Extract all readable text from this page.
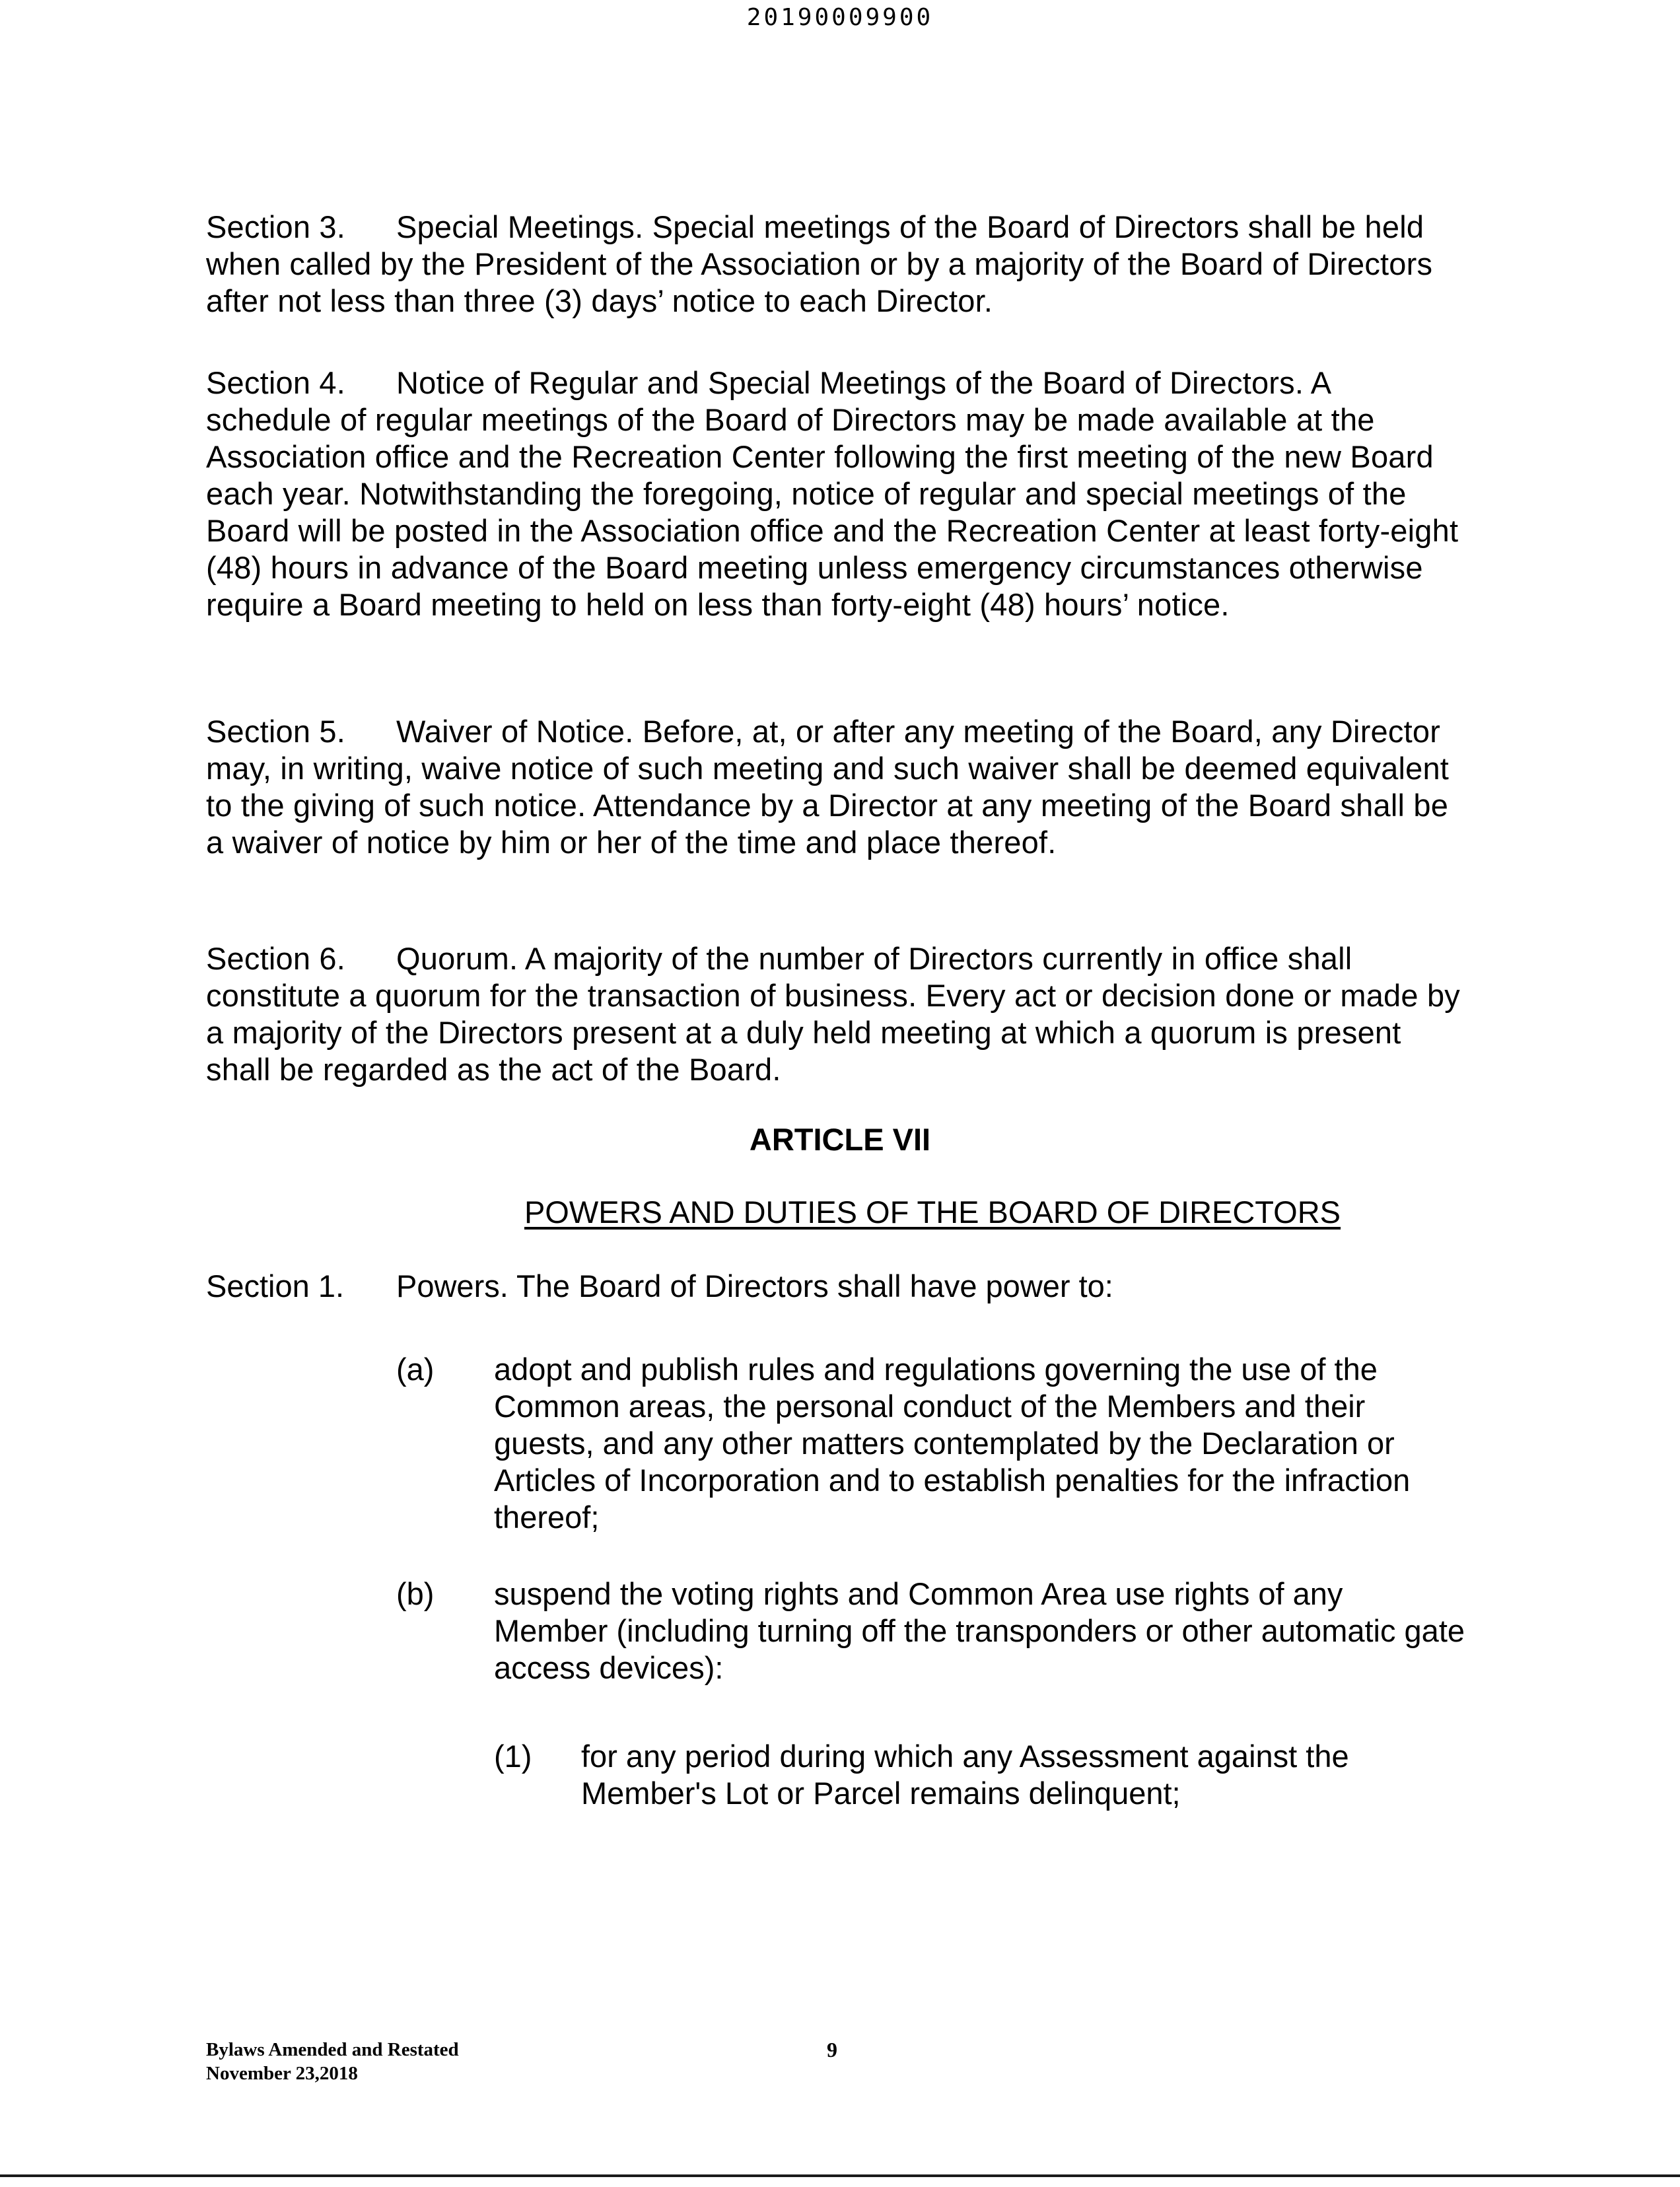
20190009900
Section 3. Special Meetings. Special meetings of the Board of Directors shall be held when called by the President of the Association or by a majority of the Board of Directors after not less than three (3) days’ notice to each Director.
Section 4. Notice of Regular and Special Meetings of the Board of Directors. A schedule of regular meetings of the Board of Directors may be made available at the Association office and the Recreation Center following the first meeting of the new Board each year. Notwithstanding the foregoing, notice of regular and special meetings of the Board will be posted in the Association office and the Recreation Center at least forty-eight (48) hours in advance of the Board meeting unless emergency circumstances otherwise require a Board meeting to held on less than forty-eight (48) hours’ notice.
Section 5. Waiver of Notice. Before, at, or after any meeting of the Board, any Director may, in writing, waive notice of such meeting and such waiver shall be deemed equivalent to the giving of such notice. Attendance by a Director at any meeting of the Board shall be a waiver of notice by him or her of the time and place thereof.
Section 6. Quorum. A majority of the number of Directors currently in office shall constitute a quorum for the transaction of business. Every act or decision done or made by a majority of the Directors present at a duly held meeting at which a quorum is present shall be regarded as the act of the Board.
ARTICLE VII
POWERS AND DUTIES OF THE BOARD OF DIRECTORS
Section 1. Powers. The Board of Directors shall have power to:
(a) adopt and publish rules and regulations governing the use of the Common areas, the personal conduct of the Members and their guests, and any other matters contemplated by the Declaration or Articles of Incorporation and to establish penalties for the infraction thereof;
(b) suspend the voting rights and Common Area use rights of any Member (including turning off the transponders or other automatic gate access devices):
(1) for any period during which any Assessment against the Member's Lot or Parcel remains delinquent;
Bylaws Amended and Restated
November 23,2018
9
